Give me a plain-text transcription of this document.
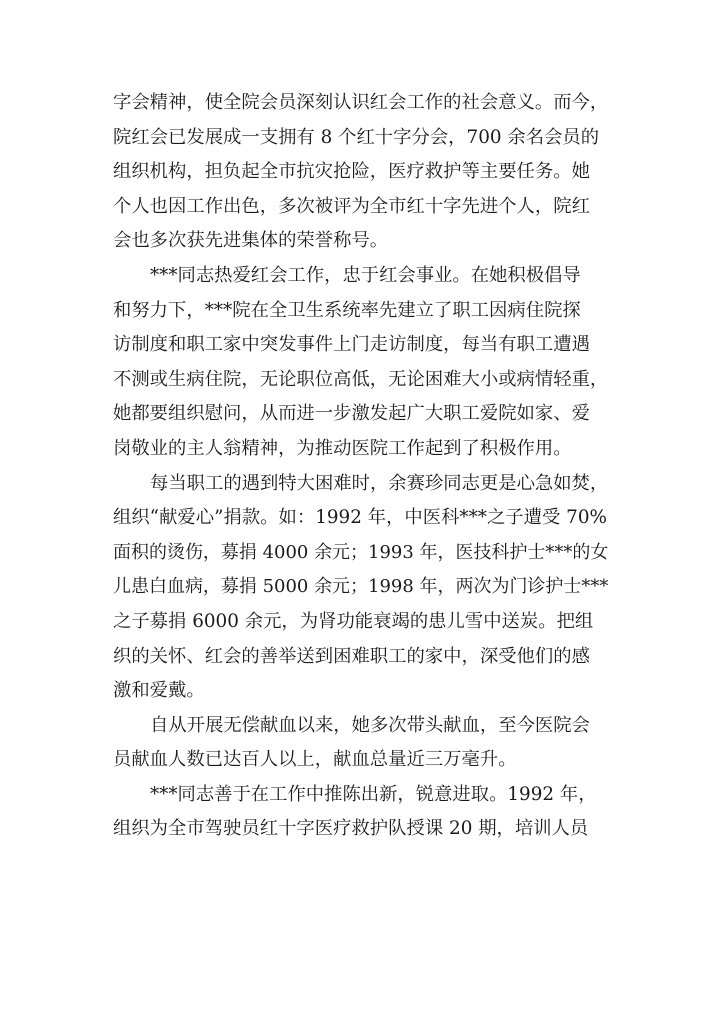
字会精神，使全院会员深刻认识红会工作的社会意义。而今，
院红会已发展成一支拥有 8 个红十字分会，700 余名会员的
组织机构，担负起全市抗灾抢险，医疗救护等主要任务。她
个人也因工作出色，多次被评为全市红十字先进个人，院红
会也多次获先进集体的荣誉称号。
***同志热爱红会工作，忠于红会事业。在她积极倡导
和努力下，***院在全卫生系统率先建立了职工因病住院探
访制度和职工家中突发事件上门走访制度，每当有职工遭遇
不测或生病住院，无论职位高低，无论困难大小或病情轻重，
她都要组织慰问，从而进一步激发起广大职工爱院如家、爱
岗敬业的主人翁精神，为推动医院工作起到了积极作用。
每当职工的遇到特大困难时，余赛珍同志更是心急如焚，
组织“献爱心”捐款。如：1992 年，中医科***之子遭受 70%
面积的烫伤，募捐 4000 余元；1993 年，医技科护士***的女
儿患白血病，募捐 5000 余元；1998 年，两次为门诊护士***
之子募捐 6000 余元，为肾功能衰竭的患儿雪中送炭。把组
织的关怀、红会的善举送到困难职工的家中，深受他们的感
激和爱戴。
自从开展无偿献血以来，她多次带头献血，至今医院会
员献血人数已达百人以上，献血总量近三万毫升。
***同志善于在工作中推陈出新，锐意进取。1992 年，
组织为全市驾驶员红十字医疗救护队授课 20 期，培训人员
